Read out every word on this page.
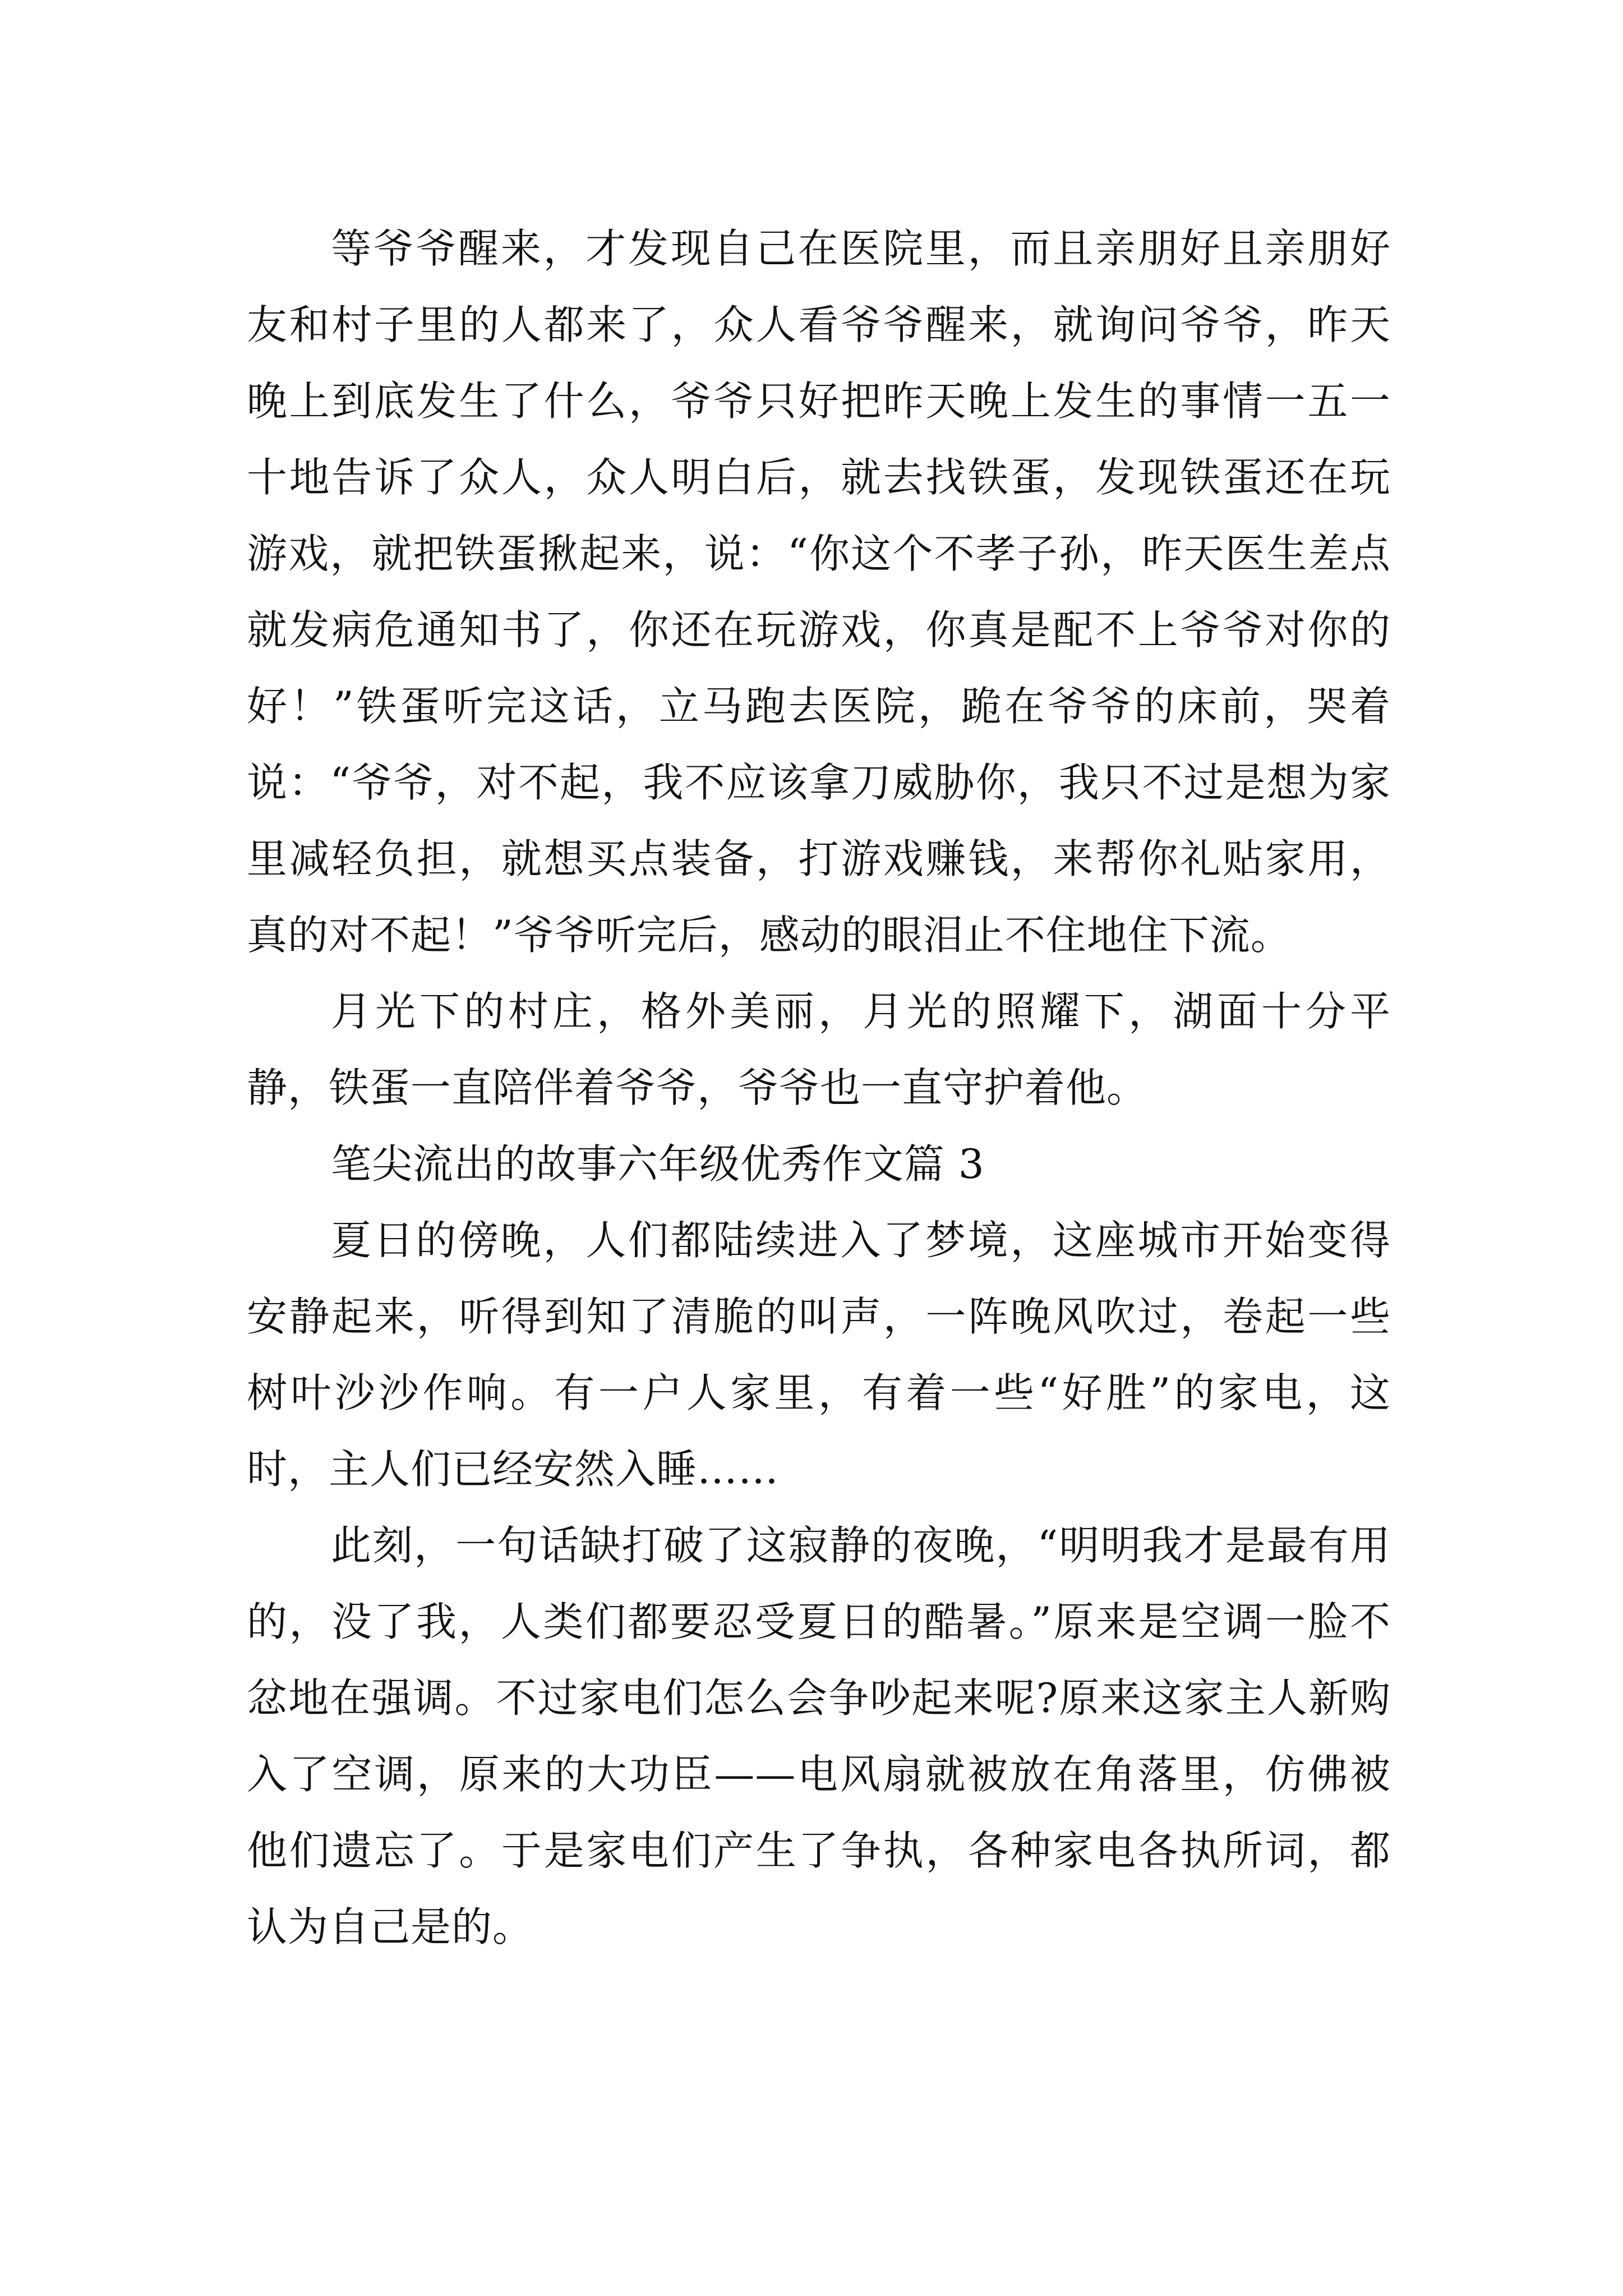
等爷爷醒来，才发现自己在医院里，而且亲朋好且亲朋好友和村子里的人都来了，众人看爷爷醒来，就询问爷爷，昨天晚上到底发生了什么，爷爷只好把昨天晚上发生的事情一五一十地告诉了众人，众人明白后，就去找铁蛋，发现铁蛋还在玩游戏，就把铁蛋揪起来，说：“你这个不孝子孙，昨天医生差点就发病危通知书了，你还在玩游戏，你真是配不上爷爷对你的好！”铁蛋听完这话，立马跑去医院，跪在爷爷的床前，哭着说：“爷爷，对不起，我不应该拿刀威胁你，我只不过是想为家里减轻负担，就想买点装备，打游戏赚钱，来帮你礼贴家用，真的对不起！”爷爷听完后，感动的眼泪止不住地住下流。

月光下的村庄，格外美丽，月光的照耀下，湖面十分平静，铁蛋一直陪伴着爷爷，爷爷也一直守护着他。

笔尖流出的故事六年级优秀作文篇 3

夏日的傍晚，人们都陆续进入了梦境，这座城市开始变得安静起来，听得到知了清脆的叫声，一阵晚风吹过，卷起一些树叶沙沙作响。有一户人家里，有着一些“好胜”的家电，这时，主人们已经安然入睡……

此刻，一句话缺打破了这寂静的夜晚，“明明我才是最有用的，没了我，人类们都要忍受夏日的酷暑。”原来是空调一脸不忿地在强调。不过家电们怎么会争吵起来呢?原来这家主人新购入了空调，原来的大功臣——电风扇就被放在角落里，仿佛被他们遗忘了。于是家电们产生了争执，各种家电各执所词，都认为自己是的。
